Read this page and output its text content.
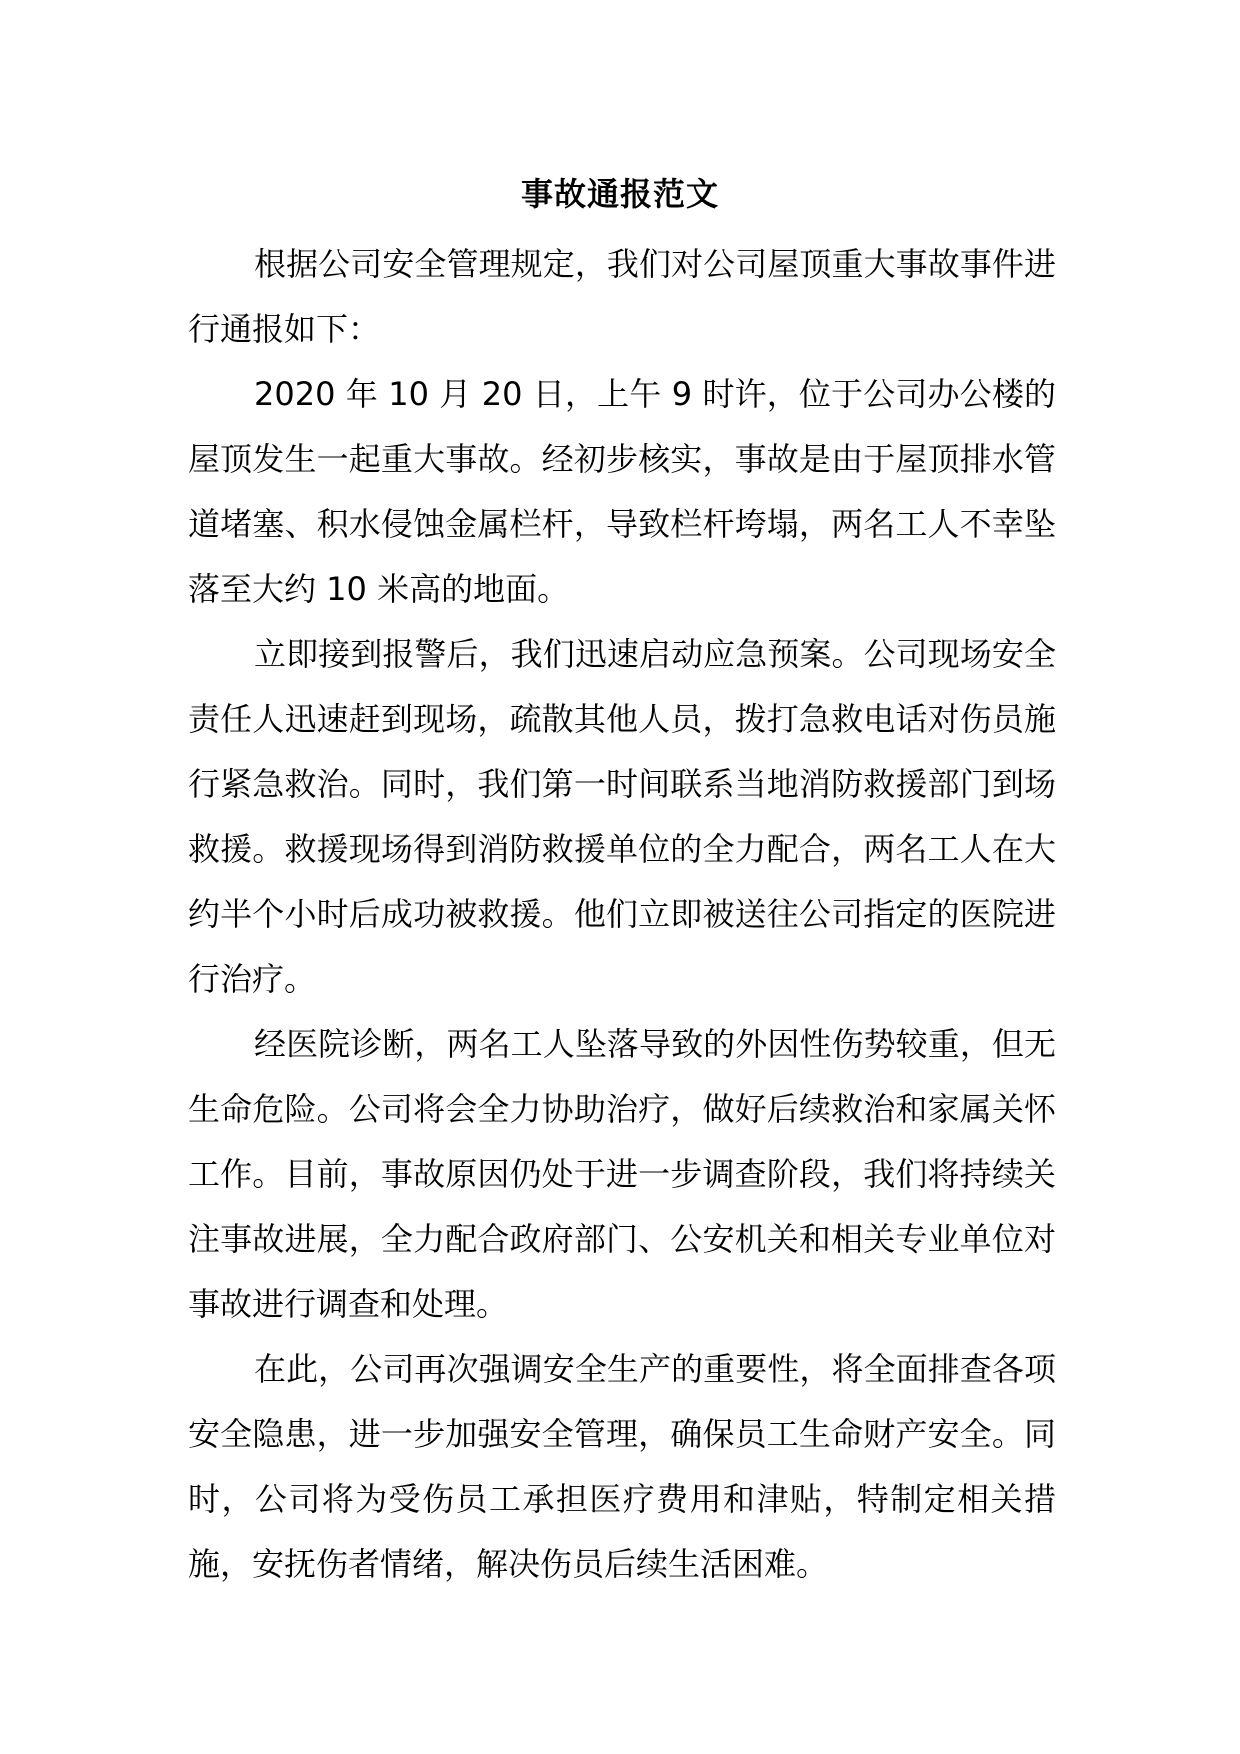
事故通报范文

根据公司安全管理规定，我们对公司屋顶重大事故事件进行通报如下：

2020 年 10 月 20 日，上午 9 时许，位于公司办公楼的屋顶发生一起重大事故。经初步核实，事故是由于屋顶排水管道堵塞、积水侵蚀金属栏杆，导致栏杆垮塌，两名工人不幸坠落至大约 10 米高的地面。

立即接到报警后，我们迅速启动应急预案。公司现场安全责任人迅速赶到现场，疏散其他人员，拨打急救电话对伤员施行紧急救治。同时，我们第一时间联系当地消防救援部门到场救援。救援现场得到消防救援单位的全力配合，两名工人在大约半个小时后成功被救援。他们立即被送往公司指定的医院进行治疗。

经医院诊断，两名工人坠落导致的外因性伤势较重，但无生命危险。公司将会全力协助治疗，做好后续救治和家属关怀工作。目前，事故原因仍处于进一步调查阶段，我们将持续关注事故进展，全力配合政府部门、公安机关和相关专业单位对事故进行调查和处理。

在此，公司再次强调安全生产的重要性，将全面排查各项安全隐患，进一步加强安全管理，确保员工生命财产安全。同时，公司将为受伤员工承担医疗费用和津贴，特制定相关措施，安抚伤者情绪，解决伤员后续生活困难。
